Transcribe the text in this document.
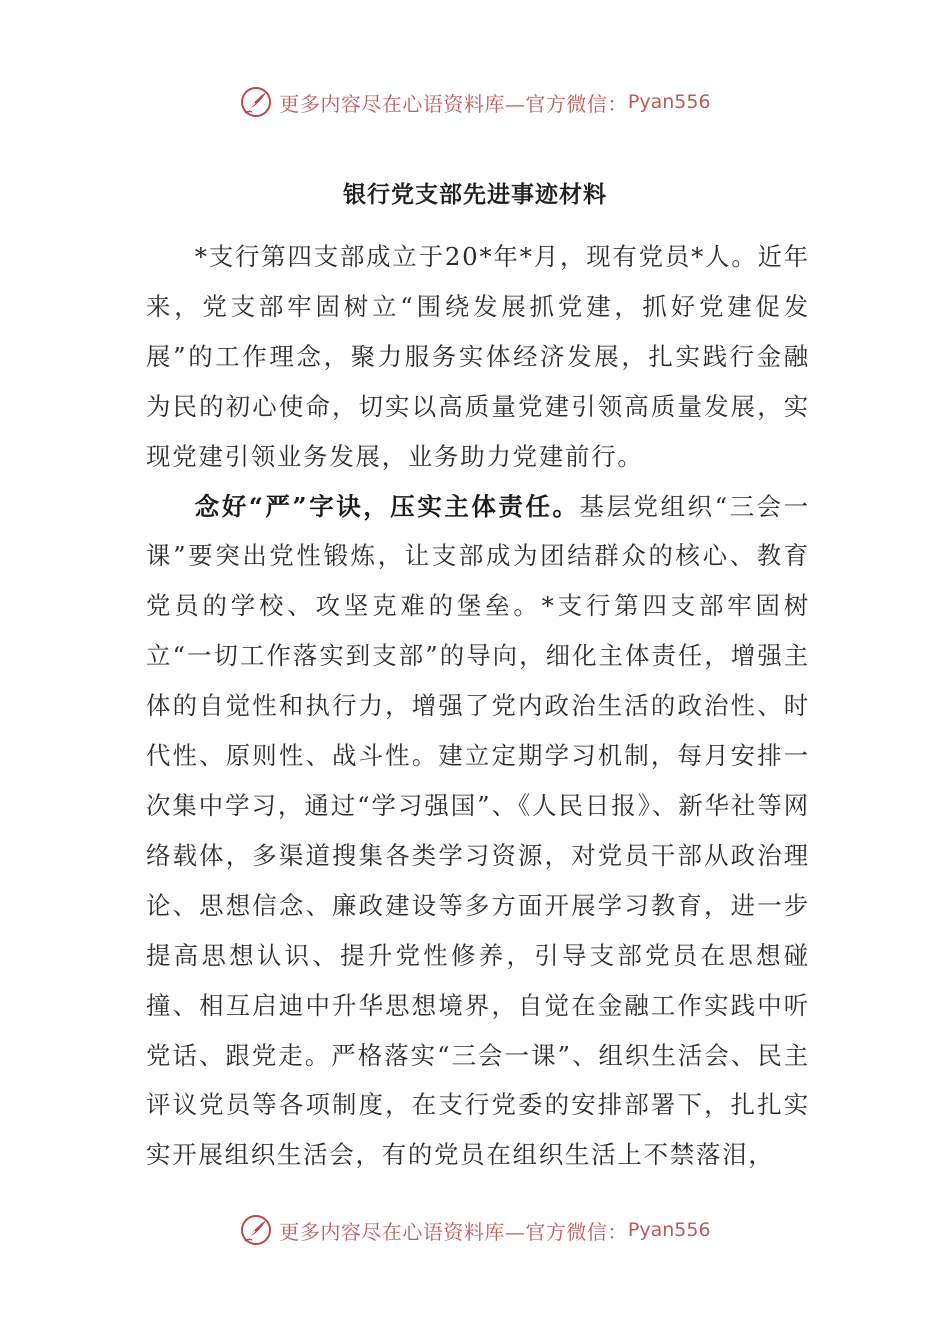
更多内容尽在心语资料库—官方微信： Pyan556
银行党支部先进事迹材料

*支行第四支部成立于20*年*月，现有党员*人。近年来，党支部牢固树立“围绕发展抓党建，抓好党建促发展”的工作理念，聚力服务实体经济发展，扎实践行金融为民的初心使命，切实以高质量党建引领高质量发展，实现党建引领业务发展，业务助力党建前行。

念好“严”字诀，压实主体责任。基层党组织“三会一课”要突出党性锻炼，让支部成为团结群众的核心、教育党员的学校、攻坚克难的堡垒。*支行第四支部牢固树立“一切工作落实到支部”的导向，细化主体责任，增强主体的自觉性和执行力，增强了党内政治生活的政治性、时代性、原则性、战斗性。建立定期学习机制，每月安排一次集中学习，通过“学习强国”、《人民日报》、新华社等网络载体，多渠道搜集各类学习资源，对党员干部从政治理论、思想信念、廉政建设等多方面开展学习教育，进一步提高思想认识、提升党性修养，引导支部党员在思想碰撞、相互启迪中升华思想境界，自觉在金融工作实践中听党话、跟党走。严格落实“三会一课”、组织生活会、民主评议党员等各项制度，在支行党委的安排部署下，扎扎实实开展组织生活会，有的党员在组织生活上不禁落泪，

更多内容尽在心语资料库—官方微信： Pyan556
